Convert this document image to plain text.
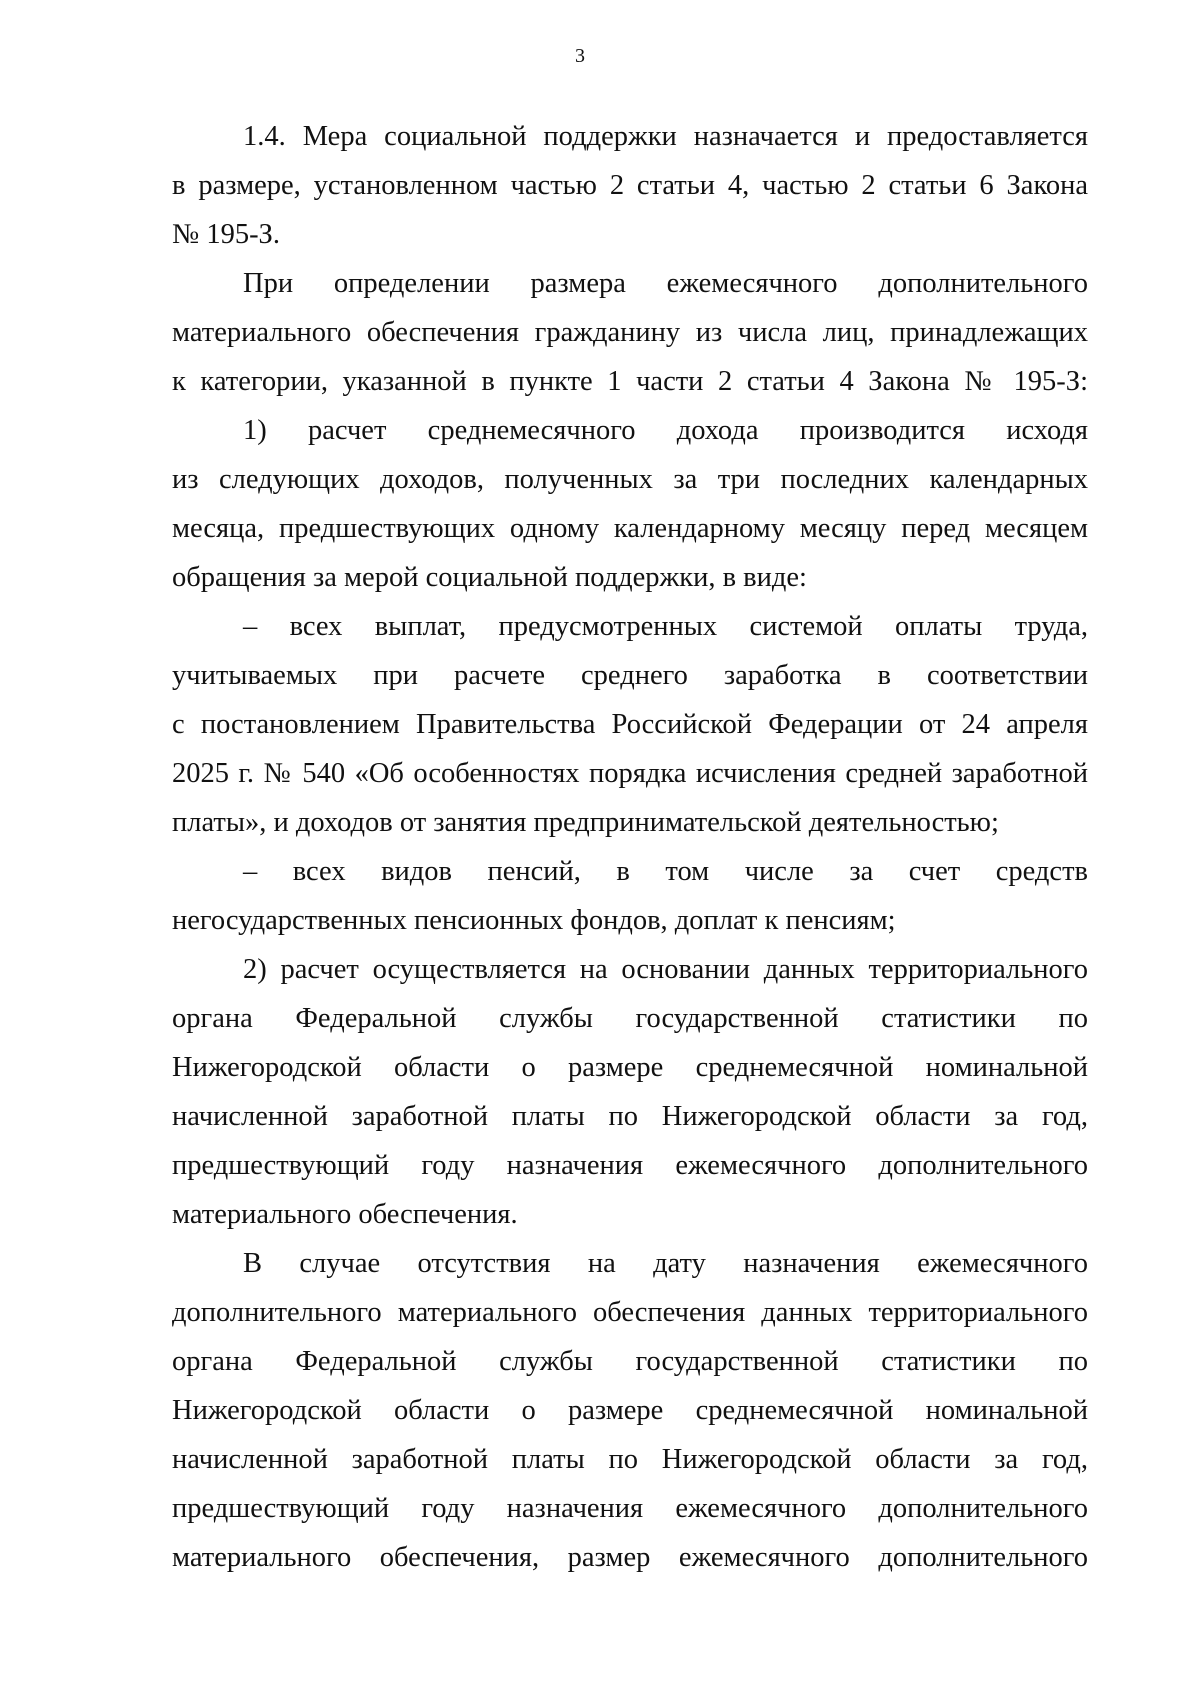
3
1.4. Мера социальной поддержки назначается и предоставляется
в размере, установленном частью 2 статьи 4, частью 2 статьи 6 Закона
№ 195-З.
При определении размера ежемесячного дополнительного
материального обеспечения гражданину из числа лиц, принадлежащих
к категории, указанной в пункте 1 части 2 статьи 4 Закона № 195-З:
1) расчет среднемесячного дохода производится исходя
из следующих доходов, полученных за три последних календарных
месяца, предшествующих одному календарному месяцу перед месяцем
обращения за мерой социальной поддержки, в виде:
– всех выплат, предусмотренных системой оплаты труда,
учитываемых при расчете среднего заработка в соответствии
с постановлением Правительства Российской Федерации от 24 апреля
2025 г. № 540 «Об особенностях порядка исчисления средней заработной
платы», и доходов от занятия предпринимательской деятельностью;
– всех видов пенсий, в том числе за счет средств
негосударственных пенсионных фондов, доплат к пенсиям;
2) расчет осуществляется на основании данных территориального
органа Федеральной службы государственной статистики по
Нижегородской области о размере среднемесячной номинальной
начисленной заработной платы по Нижегородской области за год,
предшествующий году назначения ежемесячного дополнительного
материального обеспечения.
В случае отсутствия на дату назначения ежемесячного
дополнительного материального обеспечения данных территориального
органа Федеральной службы государственной статистики по
Нижегородской области о размере среднемесячной номинальной
начисленной заработной платы по Нижегородской области за год,
предшествующий году назначения ежемесячного дополнительного
материального обеспечения, размер ежемесячного дополнительного
